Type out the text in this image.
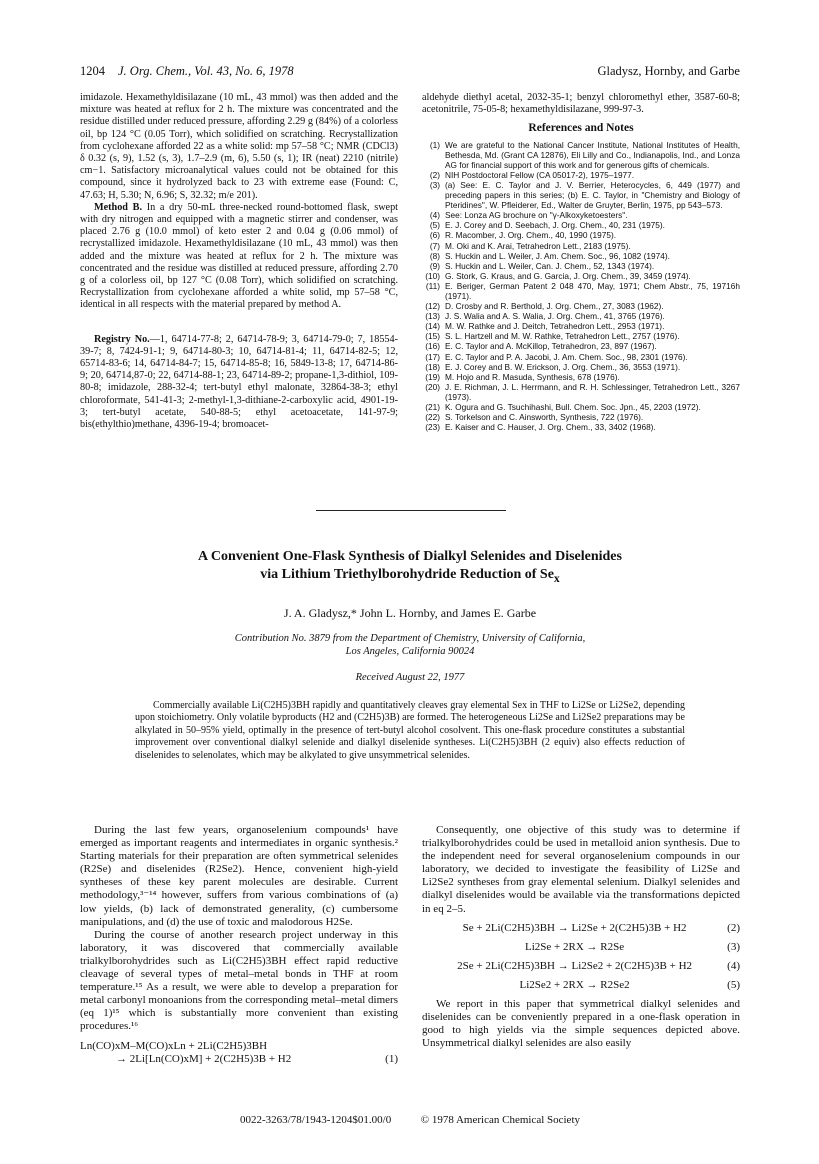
1204 J. Org. Chem., Vol. 43, No. 6, 1978	Gladysz, Hornby, and Garbe

imidazole. Hexamethyldisilazane (10 mL, 43 mmol) was then added and the mixture was heated at reflux for 2 h. The mixture was concentrated and the residue distilled under reduced pressure, affording 2.29 g (84%) of a colorless oil, bp 124 °C (0.05 Torr), which solidified on scratching. Recrystallization from cyclohexane afforded 22 as a white solid: mp 57–58 °C; NMR (CDCl3) δ 0.32 (s, 9), 1.52 (s, 3), 1.7–2.9 (m, 6), 5.50 (s, 1); IR (neat) 2210 (nitrile) cm−1. Satisfactory microanalytical values could not be obtained for this compound, since it hydrolyzed back to 23 with extreme ease (Found: C, 47.63; H, 5.30; N, 6.96; S, 32.32; m/e 201).

Method B. In a dry 50-mL three-necked round-bottomed flask, swept with dry nitrogen and equipped with a magnetic stirrer and condenser, was placed 2.76 g (10.0 mmol) of keto ester 2 and 0.04 g (0.06 mmol) of recrystallized imidazole. Hexamethyldisilazane (10 mL, 43 mmol) was then added and the mixture was heated at reflux for 2 h. The mixture was concentrated and the residue was distilled at reduced pressure, affording 2.70 g of a colorless oil, bp 127 °C (0.08 Torr), which solidified on scratching. Recrystallization from cyclohexane afforded a white solid, mp 57–58 °C, identical in all respects with the material prepared by method A.

Registry No.—1, 64714-77-8; 2, 64714-78-9; 3, 64714-79-0; 7, 18554-39-7; 8, 7424-91-1; 9, 64714-80-3; 10, 64714-81-4; 11, 64714-82-5; 12, 65714-83-6; 14, 64714-84-7; 15, 64714-85-8; 16, 5849-13-8; 17, 64714-86-9; 20, 64714,87-0; 22, 64714-88-1; 23, 64714-89-2; propane-1,3-dithiol, 109-80-8; imidazole, 288-32-4; tert-butyl ethyl malonate, 32864-38-3; ethyl chloroformate, 541-41-3; 2-methyl-1,3-dithiane-2-carboxylic acid, 4901-19-3; tert-butyl acetate, 540-88-5; ethyl acetoacetate, 141-97-9; bis(ethylthio)methane, 4396-19-4; bromoacet-

aldehyde diethyl acetal, 2032-35-1; benzyl chloromethyl ether, 3587-60-8; acetonitrile, 75-05-8; hexamethyldisilazane, 999-97-3.

References and Notes
(1) We are grateful to the National Cancer Institute, National Institutes of Health, Bethesda, Md. (Grant CA 12876), Eli Lilly and Co., Indianapolis, Ind., and Lonza AG for financial support of this work and for generous gifts of chemicals.
(2) NIH Postdoctoral Fellow (CA 05017-2), 1975–1977.
(3) (a) See: E. C. Taylor and J. V. Berrier, Heterocycles, 6, 449 (1977) and preceding papers in this series; (b) E. C. Taylor, in "Chemistry and Biology of Pteridines", W. Pfleiderer, Ed., Walter de Gruyter, Berlin, 1975, pp 543–573.
(4) See: Lonza AG brochure on "γ-Alkoxyketoesters".
(5) E. J. Corey and D. Seebach, J. Org. Chem., 40, 231 (1975).
(6) R. Macomber, J. Org. Chem., 40, 1990 (1975).
(7) M. Oki and K. Arai, Tetrahedron Lett., 2183 (1975).
(8) S. Huckin and L. Weiler, J. Am. Chem. Soc., 96, 1082 (1974).
(9) S. Huckin and L. Weiler, Can. J. Chem., 52, 1343 (1974).
(10) G. Stork, G. Kraus, and G. Garcia, J. Org. Chem., 39, 3459 (1974).
(11) E. Beriger, German Patent 2 048 470, May, 1971; Chem Abstr., 75, 19716h (1971).
(12) D. Crosby and R. Berthold, J. Org. Chem., 27, 3083 (1962).
(13) J. S. Walia and A. S. Walia, J. Org. Chem., 41, 3765 (1976).
(14) M. W. Rathke and J. Deitch, Tetrahedron Lett., 2953 (1971).
(15) S. L. Hartzell and M. W. Rathke, Tetrahedron Lett., 2757 (1976).
(16) E. C. Taylor and A. McKillop, Tetrahedron, 23, 897 (1967).
(17) E. C. Taylor and P. A. Jacobi, J. Am. Chem. Soc., 98, 2301 (1976).
(18) E. J. Corey and B. W. Erickson, J. Org. Chem., 36, 3553 (1971).
(19) M. Hojo and R. Masuda, Synthesis, 678 (1976).
(20) J. E. Richman, J. L. Herrmann, and R. H. Schlessinger, Tetrahedron Lett., 3267 (1973).
(21) K. Ogura and G. Tsuchihashi, Bull. Chem. Soc. Jpn., 45, 2203 (1972).
(22) S. Torkelson and C. Ainsworth, Synthesis, 722 (1976).
(23) E. Kaiser and C. Hauser, J. Org. Chem., 33, 3402 (1968).
A Convenient One-Flask Synthesis of Dialkyl Selenides and Diselenides
via Lithium Triethylborohydride Reduction of $Se_x$
J. A. Gladysz,* John L. Hornby, and James E. Garbe
Contribution No. 3879 from the Department of Chemistry, University of California,
Los Angeles, California 90024
Received August 22, 1977
Commercially available Li(C2H5)3BH rapidly and quantitatively cleaves gray elemental Sex in THF to Li2Se or Li2Se2, depending upon stoichiometry. Only volatile byproducts (H2 and (C2H5)3B) are formed. The heterogeneous Li2Se and Li2Se2 preparations may be alkylated in 50–95% yield, optimally in the presence of tert-butyl alcohol cosolvent. This one-flask procedure constitutes a substantial improvement over conventional dialkyl selenide and dialkyl diselenide syntheses. Li(C2H5)3BH (2 equiv) also effects reduction of diselenides to selenolates, which may be alkylated to give unsymmetrical selenides.

During the last few years, organoselenium compounds¹ have emerged as important reagents and intermediates in organic synthesis.² Starting materials for their preparation are often symmetrical selenides (R2Se) and diselenides (R2Se2). Hence, convenient high-yield syntheses of these key parent molecules are desirable. Current methodology,³⁻¹⁴ however, suffers from various combinations of (a) low yields, (b) lack of demonstrated generality, (c) cumbersome manipulations, and (d) the use of toxic and malodorous H2Se.

During the course of another research project underway in this laboratory, it was discovered that commercially available trialkylborohydrides such as Li(C2H5)3BH effect rapid reductive cleavage of several types of metal–metal bonds in THF at room temperature.¹⁵ As a result, we were able to develop a preparation for metal carbonyl monoanions from the corresponding metal–metal dimers (eq 1)¹⁵ which is substantially more convenient than existing procedures.¹⁶

Ln(CO)xM–M(CO)xLn + 2Li(C2H5)3BH
→ 2Li[Ln(CO)xM] + 2(C2H5)3B + H2	(1)

Consequently, one objective of this study was to determine if trialkylborohydrides could be used in metalloid anion synthesis. Due to the independent need for several organoselenium compounds in our laboratory, we decided to investigate the feasibility of Li2Se and Li2Se2 syntheses from gray elemental selenium. Dialkyl selenides and dialkyl diselenides would be available via the transformations depicted in eq 2–5.

Se + 2Li(C2H5)3BH → Li2Se + 2(C2H5)3B + H2	(2)
Li2Se + 2RX → R2Se	(3)
2Se + 2Li(C2H5)3BH → Li2Se2 + 2(C2H5)3B + H2	(4)
Li2Se2 + 2RX → R2Se2	(5)

We report in this paper that symmetrical dialkyl selenides and diselenides can be conveniently prepared in a one-flask operation in good to high yields via the simple sequences depicted above. Unsymmetrical dialkyl selenides are also easily

0022-3263/78/1943-1204$01.00/0	© 1978 American Chemical Society
